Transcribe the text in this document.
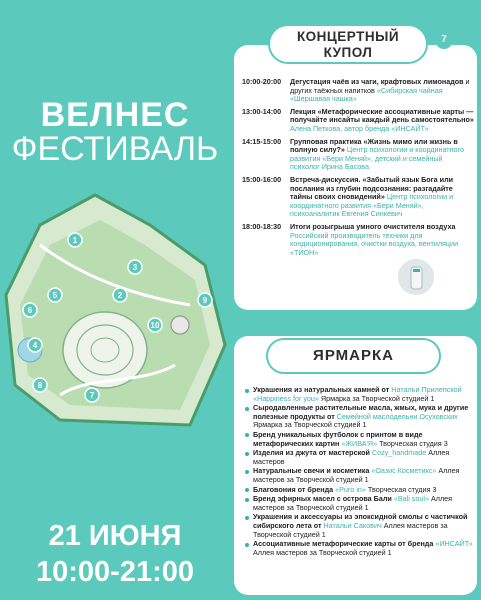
ВЕЛНЕС
ФЕСТИВАЛЬ
1
2
3
4
5
6
7
8
9
10
21 ИЮНЯ
10:00-21:00
КОНЦЕРТНЫЙ
КУПОЛ
7
10:00-20:00	Дегустация чаёв из чаги, крафтовых лимонадов и других таёжных напитков «Сибирская чайная «Шершавая чашка»
13:00-14:00	Лекция «Метафорические ассоциативные карты — получайте инсайты каждый день самостоятельно» Алена Петкова, автор бренда «ИНСАЙТ»
14:15-15:00	Групповая практика «Жизнь мимо или жизнь в полную силу?» Центр психологии и координатного развития «Бери Меняй», детский и семейный психолог Ирина Басова
15:00-16:00	Встреча-дискуссия. «Забытый язык Бога или послания из глубин подсознания: разгадайте тайны своих сновидений» Центр психологии и координатного развития «Бери Меняй», психоаналитик Евгения Синкевич
18:00-18:30	Итоги розыгрыша умного очистителя воздуха Российский производитель техники для кондиционирования, очистки воздуха, вентиляции «ТИОН»
ЯРМАРКА
Украшения из натуральных камней от Натальи Прилепской «Happiness for you» Ярмарка за Творческой студией 1
Сыродавленные растительные масла, жмых, мука и другие полезные продукты от Семейной маслодельни Осуховских Ярмарка за Творческой студией 1
Бренд уникальных футболок с принтом в виде метафорических картин «ЖИВА'Я» Творческая студия 3
Изделия из джута от мастерской Cozy_handmade Аллея мастеров
Натуральные свечи и косметика «Оазис Косметикс» Аллея мастеров за Творческой студией 1
Благовония от бренда «Puro in» Творческая студия 3
Бренд эфирных масел с острова Бали «Bali soul» Аллея мастеров за Творческой студией 1
Украшения и аксессуары из эпоксидной смолы с частичкой сибирского лета от Натальи Сакович Аллея мастеров за Творческой студией 1
Ассоциативные метафорические карты от бренда «ИНСАЙТ» Аллея мастеров за Творческой студией 1
